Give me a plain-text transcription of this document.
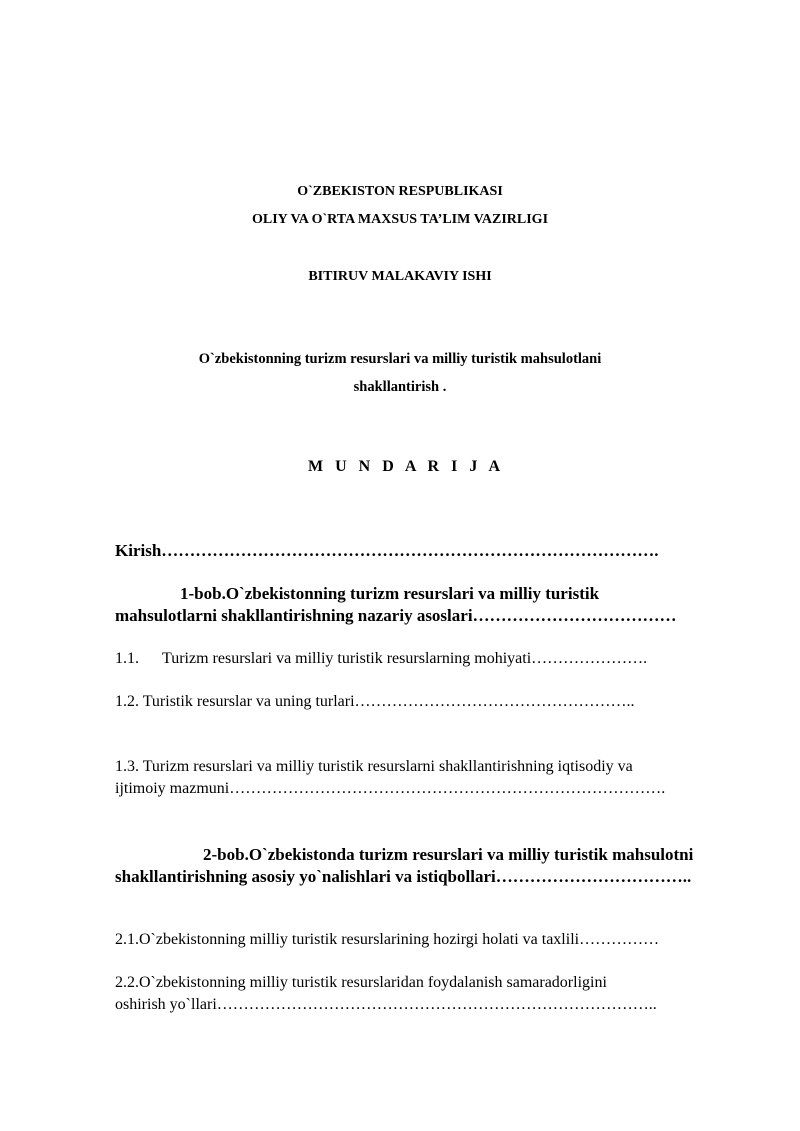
O`ZBEKISTON RESPUBLIKASI
OLIY VA O`RTA MAXSUS TA’LIM VAZIRLIGI
BITIRUV MALAKAVIY ISHI
O`zbekistonning turizm resurslari va milliy turistik mahsulotlani
shakllantirish .
M U N D A R I J A
Kirish…………………………………………………………………………….
1-bob.O`zbekistonning turizm resurslari va milliy turistik
mahsulotlarni shakllantirishning nazariy asoslari………………………………
1.1. Turizm resurslari va milliy turistik resurslarning mohiyati………………….
1.2. Turistik resurslar va uning turlari……………………………………………..
1.3. Turizm resurslari va milliy turistik resurslarni shakllantirishning iqtisodiy va
ijtimoiy mazmuni……………………………………………………………………….
2-bob.O`zbekistonda turizm resurslari va milliy turistik mahsulotni
shakllantirishning asosiy yo`nalishlari va istiqbollari……………………………..
2.1.O`zbekistonning milliy turistik resurslarining hozirgi holati va taxlili……………
2.2.O`zbekistonning milliy turistik resurslaridan foydalanish samaradorligini
oshirish yo`llari………………………………………………………………………..
